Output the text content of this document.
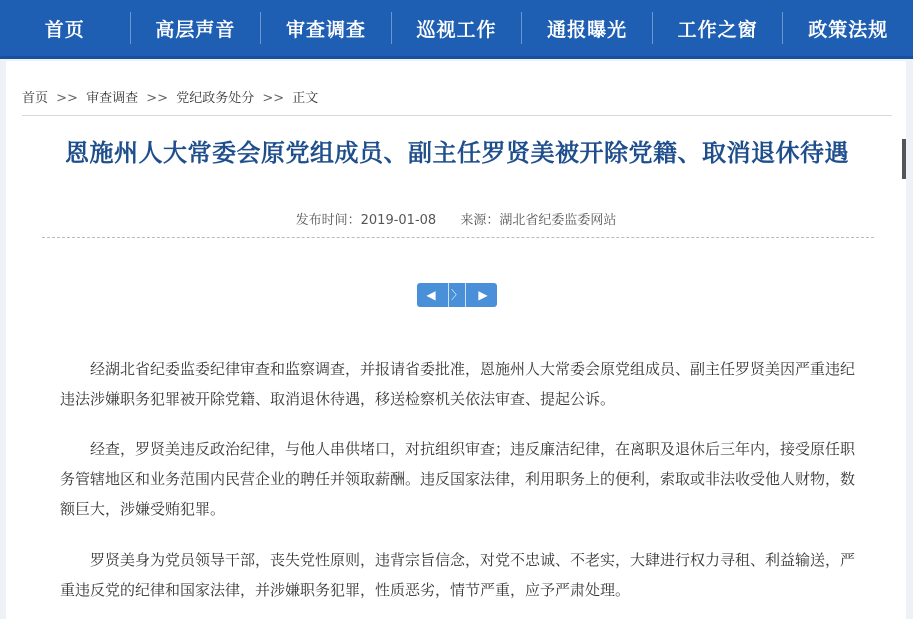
首页	高层声音	审查调查	巡视工作	通报曝光	工作之窗	政策法规
首页 >> 审查调查 >> 党纪政务处分 >> 正文
恩施州人大常委会原党组成员、副主任罗贤美被开除党籍、取消退休待遇
发布时间：2019-01-08 来源：湖北省纪委监委网站
◀	〉	▶

经湖北省纪委监委纪律审查和监察调查，并报请省委批准，恩施州人大常委会原党组成员、副主任罗贤美因严重违纪违法涉嫌职务犯罪被开除党籍、取消退休待遇，移送检察机关依法审查、提起公诉。

经查，罗贤美违反政治纪律，与他人串供堵口，对抗组织审查；违反廉洁纪律，在离职及退休后三年内，接受原任职务管辖地区和业务范围内民营企业的聘任并领取薪酬。违反国家法律，利用职务上的便利，索取或非法收受他人财物，数额巨大，涉嫌受贿犯罪。

罗贤美身为党员领导干部，丧失党性原则，违背宗旨信念，对党不忠诚、不老实，大肆进行权力寻租、利益输送，严重违反党的纪律和国家法律，并涉嫌职务犯罪，性质恶劣，情节严重，应予严肃处理。
